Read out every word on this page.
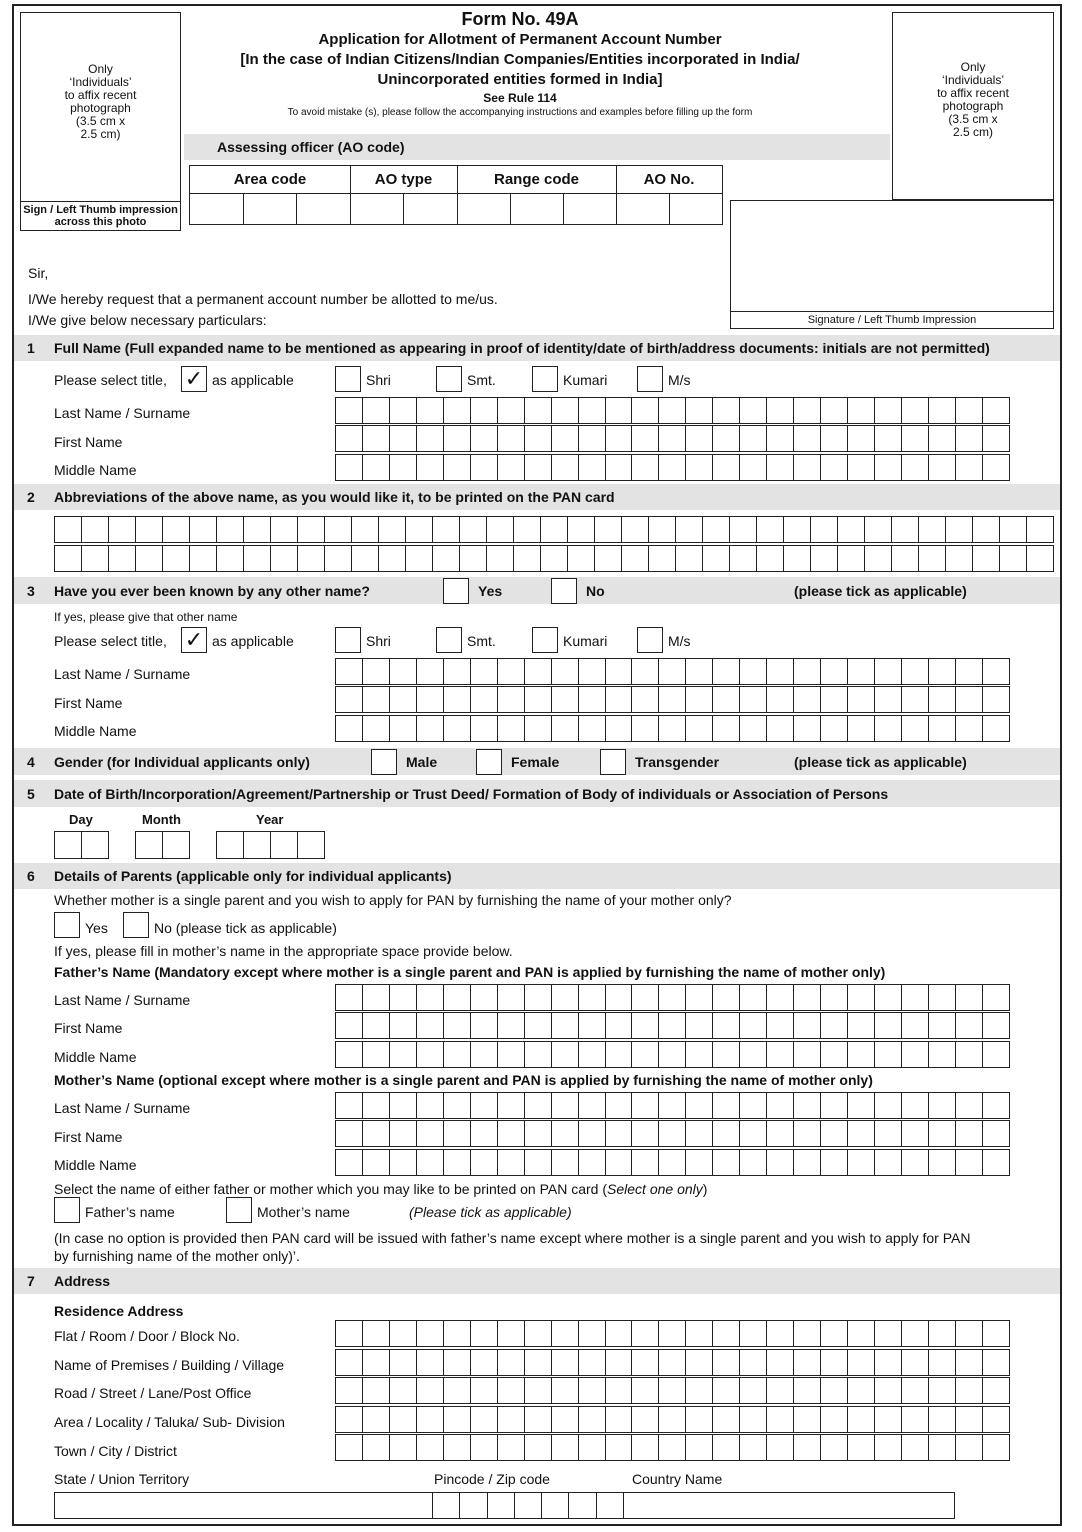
Only
‘Individuals’
to affix recent
photograph
(3.5 cm x
2.5 cm)
Sign / Left Thumb impression
across this photo
Only
‘Individuals’
to affix recent
photograph
(3.5 cm x
2.5 cm)
Signature / Left Thumb Impression
Form No. 49A
Application for Allotment of Permanent Account Number
[In the case of Indian Citizens/Indian Companies/Entities incorporated in India/
Unincorporated entities formed in India]
See Rule 114
To avoid mistake (s), please follow the accompanying instructions and examples before filling up the form
Assessing officer (AO code)
Area code	AO type	Range code	AO No.
Sir,
I/We hereby request that a permanent account number be allotted to me/us.
I/We give below necessary particulars:
1 Full Name (Full expanded name to be mentioned as appearing in proof of identity/date of birth/address documents: initials are not permitted)
Please select title, ✓ as applicable	Shri	Smt.	Kumari	M/s
Last Name / Surname
First Name
Middle Name
2 Abbreviations of the above name, as you would like it, to be printed on the PAN card
3 Have you ever been known by any other name?	Yes	No	(please tick as applicable)
If yes, please give that other name
Please select title, ✓ as applicable	Shri	Smt.	Kumari	M/s
Last Name / Surname
First Name
Middle Name
4 Gender (for Individual applicants only)	Male	Female	Transgender	(please tick as applicable)
5 Date of Birth/Incorporation/Agreement/Partnership or Trust Deed/ Formation of Body of individuals or Association of Persons
Day	Month	Year
6 Details of Parents (applicable only for individual applicants)
Whether mother is a single parent and you wish to apply for PAN by furnishing the name of your mother only?
Yes	No (please tick as applicable)
If yes, please fill in mother’s name in the appropriate space provide below.
Father’s Name (Mandatory except where mother is a single parent and PAN is applied by furnishing the name of mother only)
Last Name / Surname
First Name
Middle Name
Mother’s Name (optional except where mother is a single parent and PAN is applied by furnishing the name of mother only)
Last Name / Surname
First Name
Middle Name
Select the name of either father or mother which you may like to be printed on PAN card (Select one only)
Father’s name	Mother’s name	(Please tick as applicable)
(In case no option is provided then PAN card will be issued with father’s name except where mother is a single parent and you wish to apply for PAN
by furnishing name of the mother only)’.
7 Address
Residence Address
Flat / Room / Door / Block No.
Name of Premises / Building / Village
Road / Street / Lane/Post Office
Area / Locality / Taluka/ Sub- Division
Town / City / District
State / Union Territory	Pincode / Zip code	Country Name
